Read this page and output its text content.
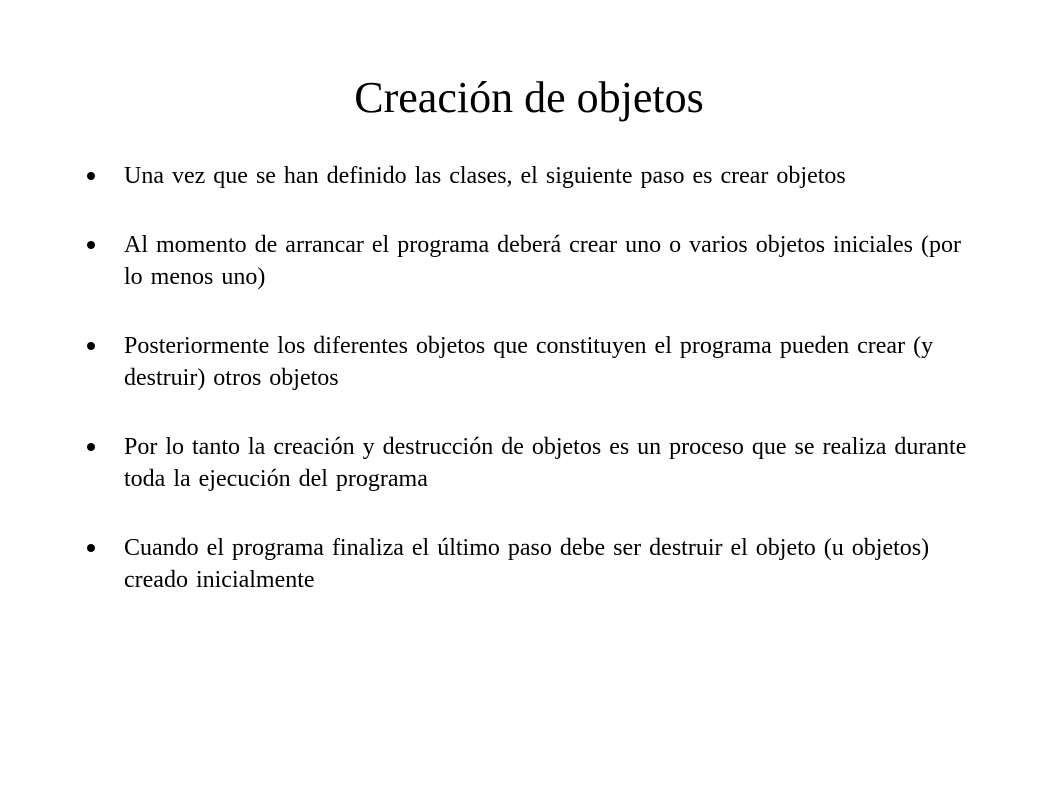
Creación de objetos
Una vez que se han definido las clases, el siguiente paso es crear objetos
Al momento de arrancar el programa deberá crear uno o varios objetos iniciales (por lo menos uno)
Posteriormente los diferentes objetos que constituyen el programa pueden crear (y destruir) otros objetos
Por lo tanto la creación y destrucción de objetos es un proceso que se realiza durante toda la ejecución del programa
Cuando el programa finaliza el último paso debe ser destruir el objeto (u objetos) creado inicialmente
